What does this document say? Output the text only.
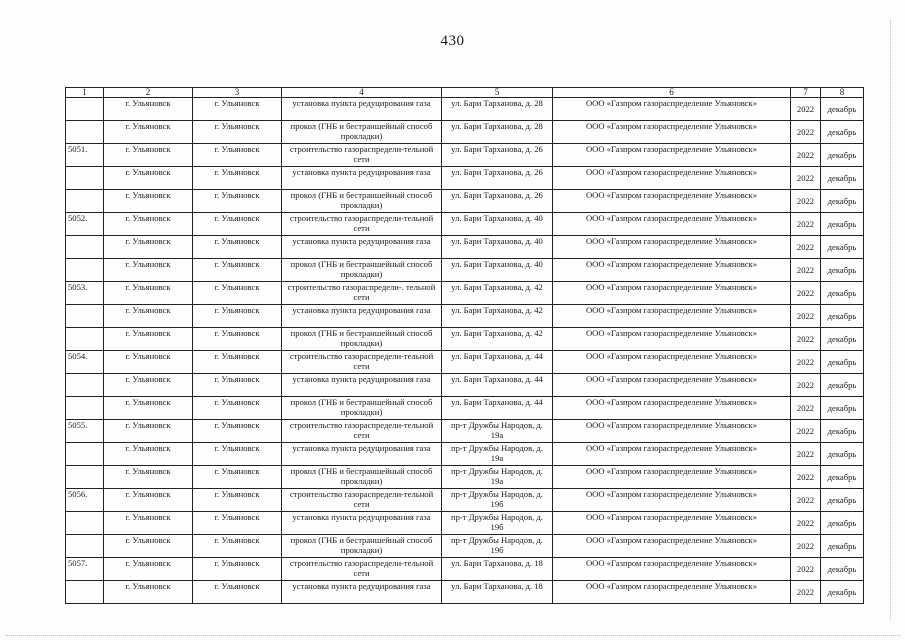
430
1	2	3	4	5	6	7	8
	г. Ульяновск	г. Ульяновск	установка пункта редуцирования газа	ул. Бари Тарханова, д. 28	ООО «Газпром газораспределение Ульяновск»	2022	декабрь
	г. Ульяновск	г. Ульяновск	прокол (ГНБ и бестраншейный способ прокладки)	ул. Бари Тарханова, д. 28	ООО «Газпром газораспределение Ульяновск»	2022	декабрь
5051.	г. Ульяновск	г. Ульяновск	строительство газораспредели-тельной сети	ул. Бари Тарханова, д. 26	ООО «Газпром газораспределение Ульяновск»	2022	декабрь
	г. Ульяновск	г. Ульяновск	установка пункта редуцирования газа	ул. Бари Тарханова, д. 26	ООО «Газпром газораспределение Ульяновск»	2022	декабрь
	г. Ульяновск	г. Ульяновск	прокол (ГНБ и бестраншейный способ прокладки)	ул. Бари Тарханова, д. 26	ООО «Газпром газораспределение Ульяновск»	2022	декабрь
5052.	г. Ульяновск	г. Ульяновск	строительство газораспредели-тельной сети	ул. Бари Тарханова, д. 40	ООО «Газпром газораспределение Ульяновск»	2022	декабрь
	г. Ульяновск	г. Ульяновск	установка пункта редуцирования газа	ул. Бари Тарханова, д. 40	ООО «Газпром газораспределение Ульяновск»	2022	декабрь
	г. Ульяновск	г. Ульяновск	прокол (ГНБ и бестраншейный способ прокладки)	ул. Бари Тарханова, д. 40	ООО «Газпром газораспределение Ульяновск»	2022	декабрь
5053.	г. Ульяновск	г. Ульяновск	строительство газораспредели-. тельной сети	ул. Бари Тарханова, д. 42	ООО «Газпром газораспределение Ульяновск»	2022	декабрь
	г. Ульяновск	г. Ульяновск	установка пункта редуцирования газа	ул. Бари Тарханова, д. 42	ООО «Газпром газораспределение Ульяновск»	2022	декабрь
	г. Ульяновск	г. Ульяновск	прокол (ГНБ и бестраншейный способ прокладки)	ул. Бари Тарханова, д. 42	ООО «Газпром газораспределение Ульяновск»	2022	декабрь
5054.	г. Ульяновск	г. Ульяновск	строительство газораспредели-тельной сети	ул. Бари Тарханова, д. 44	ООО «Газпром газораспределение Ульяновск»	2022	декабрь
	г. Ульяновск	г. Ульяновск	установка пункта редуцирования газа	ул. Бари Тарханова, д. 44	ООО «Газпром газораспределение Ульяновск»	2022	декабрь
	г. Ульяновск	г. Ульяновск	прокол (ГНБ и бестраншейный способ прокладки)	ул. Бари Тарханова, д. 44	ООО «Газпром газораспределение Ульяновск»	2022	декабрь
5055.	г. Ульяновск	г. Ульяновск	строительство газораспредели-тельной сети	пр-т Дружбы Народов, д. 19а	ООО «Газпром газораспределение Ульяновск»	2022	декабрь
	г. Ульяновск	г. Ульяновск	установка пункта редуцирования газа	пр-т Дружбы Народов, д. 19а	ООО «Газпром газораспределение Ульяновск»	2022	декабрь
	г. Ульяновск	г. Ульяновск	прокол (ГНБ и бестраншейный способ прокладки)	пр-т Дружбы Народов, д. 19а	ООО «Газпром газораспределение Ульяновск»	2022	декабрь
5056.	г. Ульяновск	г. Ульяновск	строительство газораспредели-тельной сети	пр-т Дружбы Народов, д. 19б	ООО «Газпром газораспределение Ульяновск»	2022	декабрь
	г. Ульяновск	г. Ульяновск	установка пункта редуцирования газа	пр-т Дружбы Народов, д. 19б	ООО «Газпром газораспределение Ульяновск»	2022	декабрь
	г. Ульяновск	г. Ульяновск	прокол (ГНБ и бестраншейный способ прокладки)	пр-т Дружбы Народов, д. 19б	ООО «Газпром газораспределение Ульяновск»	2022	декабрь
5057.	г. Ульяновск	г. Ульяновск	строительство газораспредели-тельной сети	ул. Бари Тарханова, д. 18	ООО «Газпром газораспределение Ульяновск»	2022	декабрь
	г. Ульяновск	г. Ульяновск	установка пункта редуцирования газа	ул. Бари Тарханова, д. 18	ООО «Газпром газораспределение Ульяновск»	2022	декабрь
